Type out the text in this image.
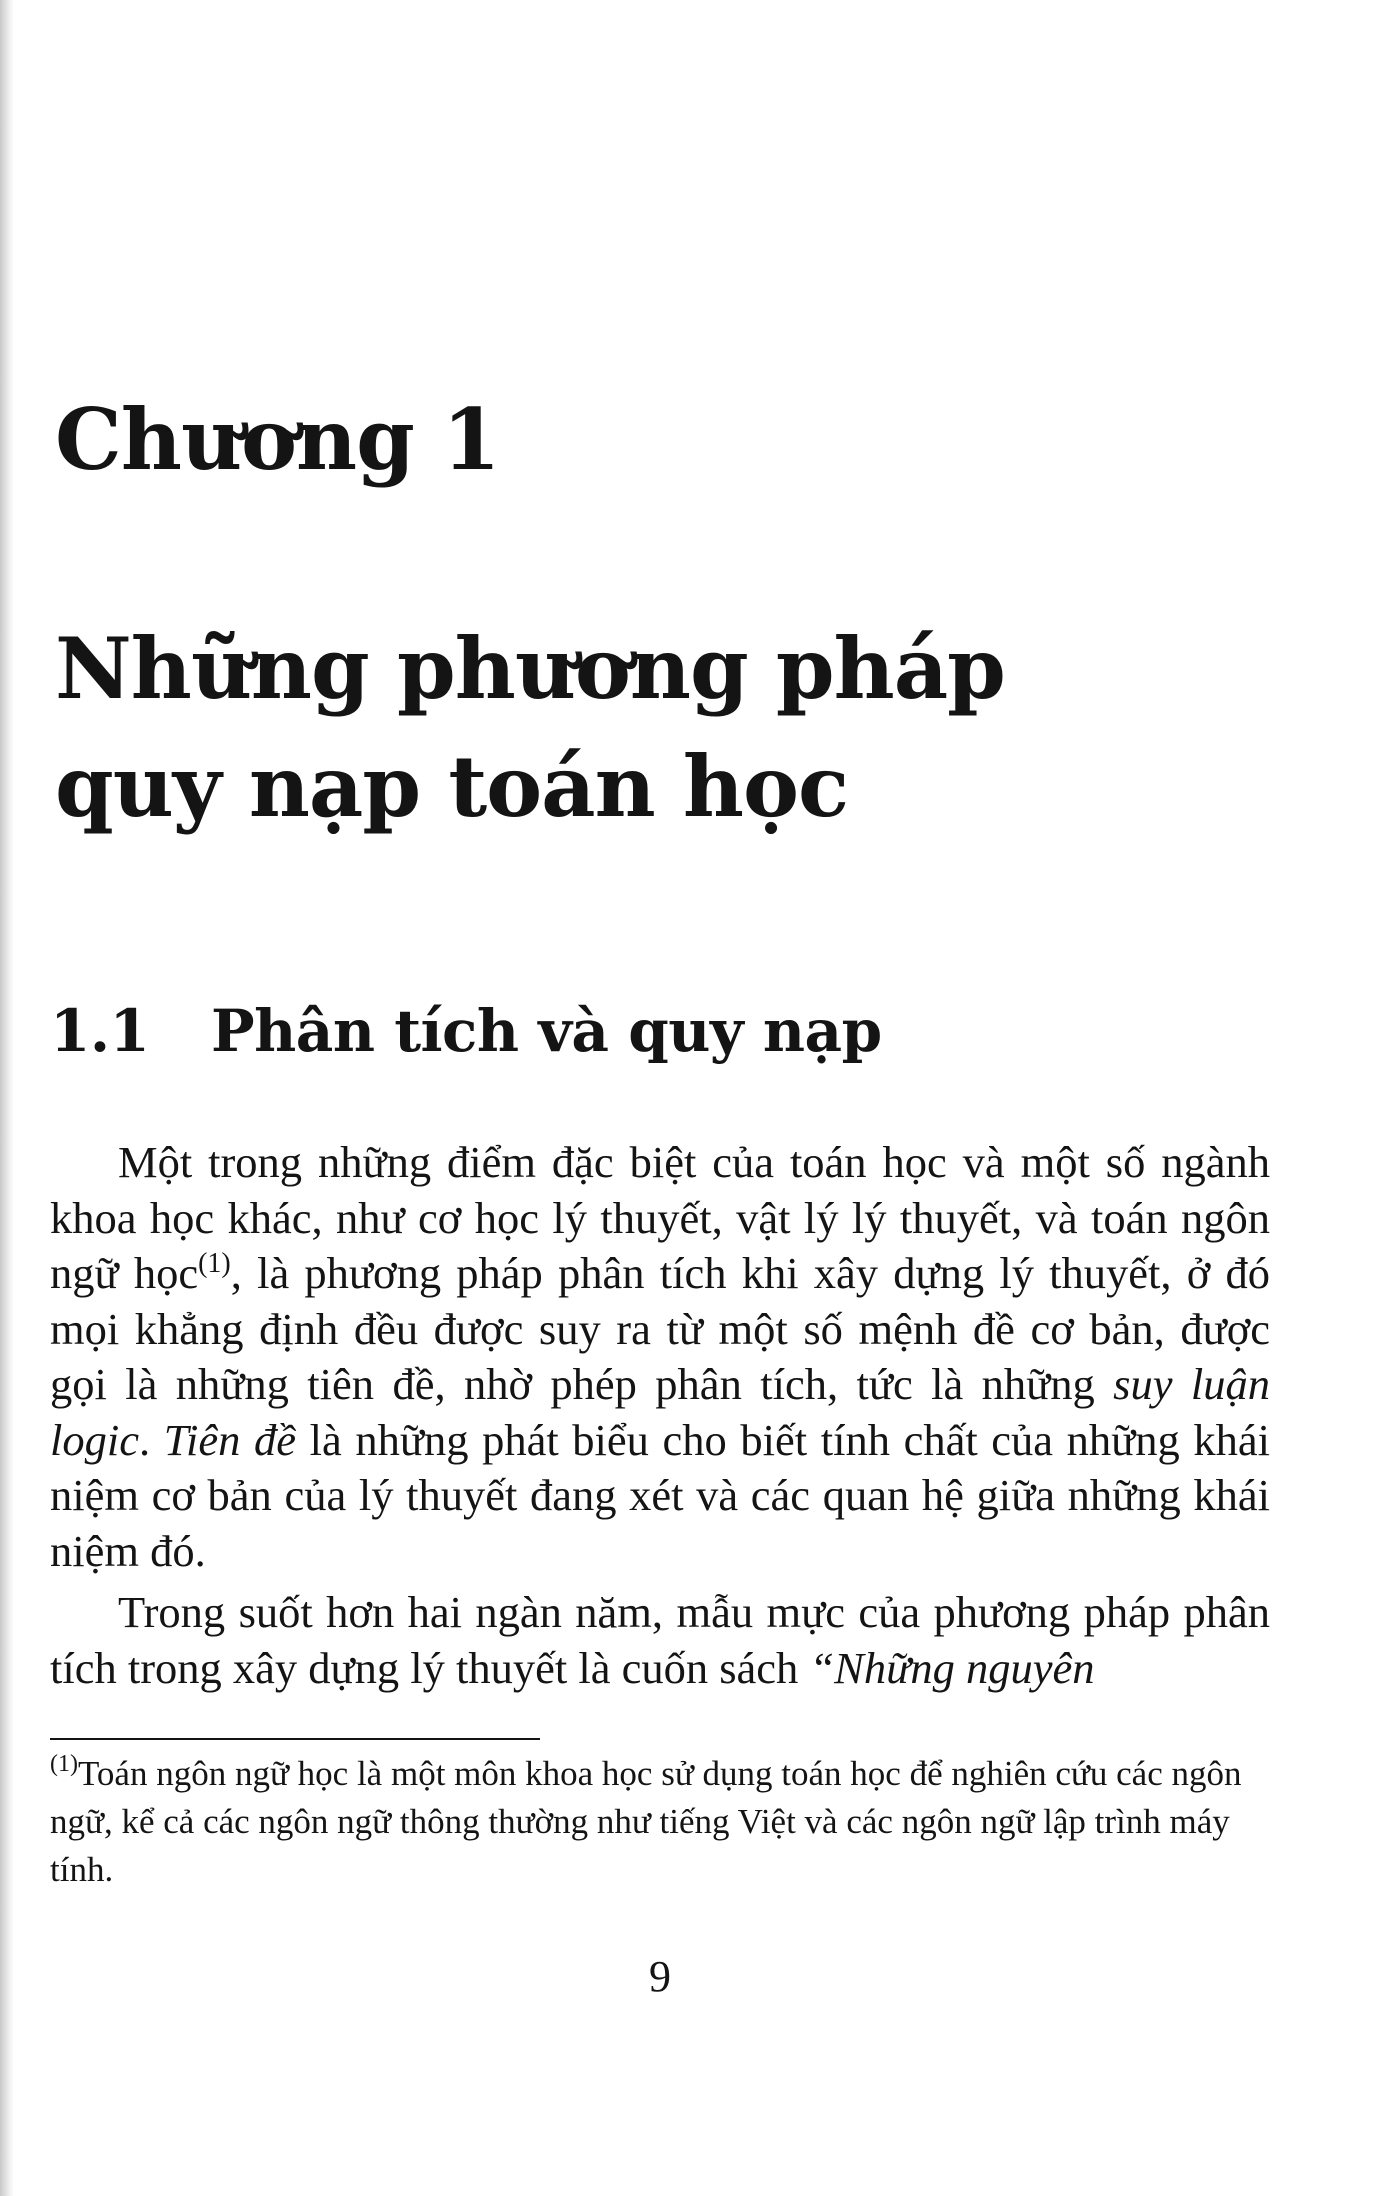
Chương 1
Những phương pháp
quy nạp toán học
1.1 Phân tích và quy nạp

Một trong những điểm đặc biệt của toán học và một số ngành khoa học khác, như cơ học lý thuyết, vật lý lý thuyết, và toán ngôn ngữ học$^{(1)}$, là phương pháp phân tích khi xây dựng lý thuyết, ở đó mọi khẳng định đều được suy ra từ một số mệnh đề cơ bản, được gọi là những tiên đề, nhờ phép phân tích, tức là những suy luận logic. Tiên đề là những phát biểu cho biết tính chất của những khái niệm cơ bản của lý thuyết đang xét và các quan hệ giữa những khái niệm đó.

Trong suốt hơn hai ngàn năm, mẫu mực của phương pháp phân tích trong xây dựng lý thuyết là cuốn sách “Những nguyên

$^{(1)}$Toán ngôn ngữ học là một môn khoa học sử dụng toán học để nghiên cứu các ngôn ngữ, kể cả các ngôn ngữ thông thường như tiếng Việt và các ngôn ngữ lập trình máy tính.

9
